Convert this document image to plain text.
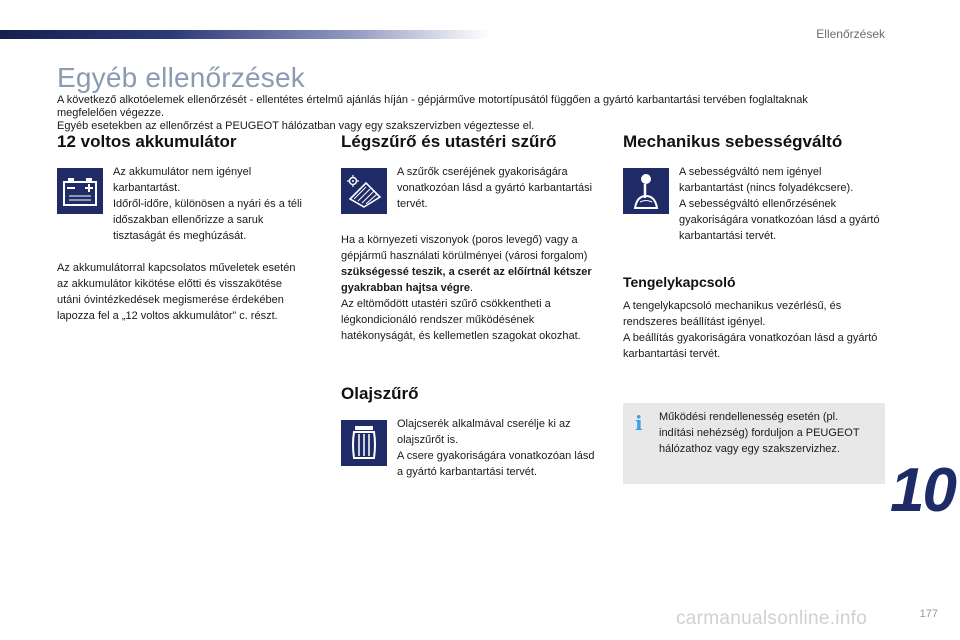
Ellenőrzések
Egyéb ellenőrzések

A következő alkotóelemek ellenőrzését - ellentétes értelmű ajánlás híján - gépjárműve motortípusától függően a gyártó karbantartási tervében foglaltaknak megfelelően végezze.

Egyéb esetekben az ellenőrzést a PEUGEOT hálózatban vagy egy szakszervizben végeztesse el.

12 voltos akkumulátor

Az akkumulátor nem igényel karbantartást.

Időről-időre, különösen a nyári és a téli időszakban ellenőrizze a saruk tisztaságát és meghúzását.

Az akkumulátorral kapcsolatos műveletek esetén az akkumulátor kikötése előtti és visszakötése utáni óvintézkedések megismerése érdekében lapozza fel a „12 voltos akkumulátor” c. részt.

Légszűrő és utastéri szűrő
A szűrők cseréjének gyakoriságára vonatkozóan lásd a gyártó karbantartási tervét.

Ha a környezeti viszonyok (poros levegő) vagy a gépjármű használati körülményei (városi forgalom) szükségessé teszik, a cserét az előírtnál kétszer gyakrabban hajtsa végre.
Az eltömődött utastéri szűrő csökkentheti a légkondicionáló rendszer működésének hatékonyságát, és kellemetlen szagokat okozhat.

Olajszűrő

Olajcserék alkalmával cserélje ki az olajszűrőt is.

A csere gyakoriságára vonatkozóan lásd a gyártó karbantartási tervét.

Mechanikus sebességváltó

A sebességváltó nem igényel karbantartást (nincs folyadékcsere).

A sebességváltó ellenőrzésének gyakoriságára vonatkozóan lásd a gyártó karbantartási tervét.

Tengelykapcsoló

A tengelykapcsoló mechanikus vezérlésű, és rendszeres beállítást igényel.

A beállítás gyakoriságára vonatkozóan lásd a gyártó karbantartási tervét.

i Működési rendellenesség esetén (pl. indítási nehézség) forduljon a PEUGEOT hálózathoz vagy egy szakszervizhez.

10
carmanualsonline.info	177
